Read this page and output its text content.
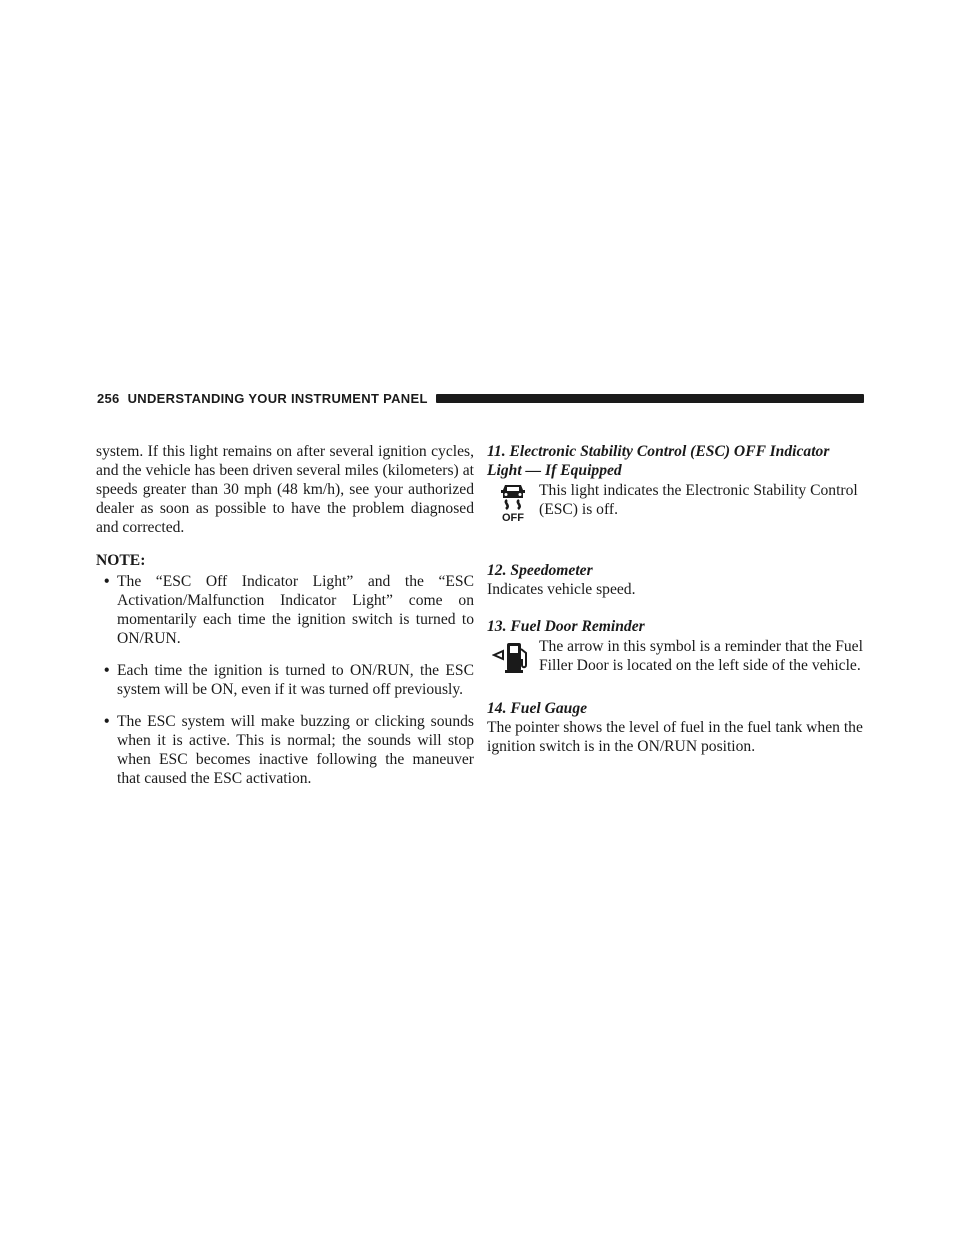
256 UNDERSTANDING YOUR INSTRUMENT PANEL

system. If this light remains on after several ignition cycles, and the vehicle has been driven several miles (kilometers) at speeds greater than 30 mph (48 km/h), see your authorized dealer as soon as possible to have the problem diagnosed and corrected.

NOTE:

• The “ESC Off Indicator Light” and the “ESC Activation/Malfunction Indicator Light” come on momentarily each time the ignition switch is turned to ON/RUN.
• Each time the ignition is turned to ON/RUN, the ESC system will be ON, even if it was turned off previously.
• The ESC system will make buzzing or clicking sounds when it is active. This is normal; the sounds will stop when ESC becomes inactive following the maneuver that caused the ESC activation.

11. Electronic Stability Control (ESC) OFF Indicator Light — If Equipped

OFF

This light indicates the Electronic Stability Control (ESC) is off.

12. Speedometer

Indicates vehicle speed.

13. Fuel Door Reminder

The arrow in this symbol is a reminder that the Fuel Filler Door is located on the left side of the vehicle.

14. Fuel Gauge

The pointer shows the level of fuel in the fuel tank when the ignition switch is in the ON/RUN position.
